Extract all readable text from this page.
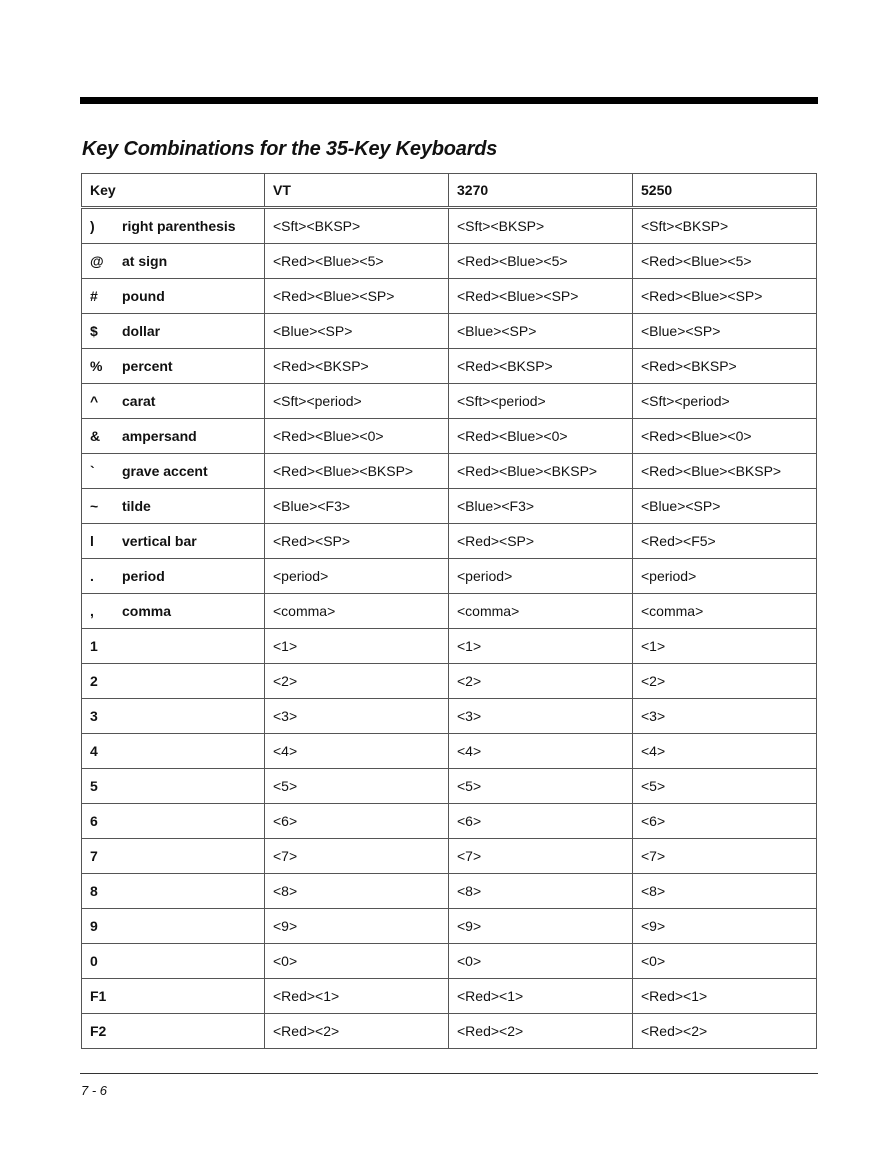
Key Combinations for the 35-Key Keyboards
Key	VT	3270	5250
) right parenthesis	<Sft><BKSP>	<Sft><BKSP>	<Sft><BKSP>
@ at sign	<Red><Blue><5>	<Red><Blue><5>	<Red><Blue><5>
# pound	<Red><Blue><SP>	<Red><Blue><SP>	<Red><Blue><SP>
$ dollar	<Blue><SP>	<Blue><SP>	<Blue><SP>
% percent	<Red><BKSP>	<Red><BKSP>	<Red><BKSP>
^ carat	<Sft><period>	<Sft><period>	<Sft><period>
& ampersand	<Red><Blue><0>	<Red><Blue><0>	<Red><Blue><0>
` grave accent	<Red><Blue><BKSP>	<Red><Blue><BKSP>	<Red><Blue><BKSP>
~ tilde	<Blue><F3>	<Blue><F3>	<Blue><SP>
l vertical bar	<Red><SP>	<Red><SP>	<Red><F5>
. period	<period>	<period>	<period>
, comma	<comma>	<comma>	<comma>
1	<1>	<1>	<1>
2	<2>	<2>	<2>
3	<3>	<3>	<3>
4	<4>	<4>	<4>
5	<5>	<5>	<5>
6	<6>	<6>	<6>
7	<7>	<7>	<7>
8	<8>	<8>	<8>
9	<9>	<9>	<9>
0	<0>	<0>	<0>
F1	<Red><1>	<Red><1>	<Red><1>
F2	<Red><2>	<Red><2>	<Red><2>
7 - 6
